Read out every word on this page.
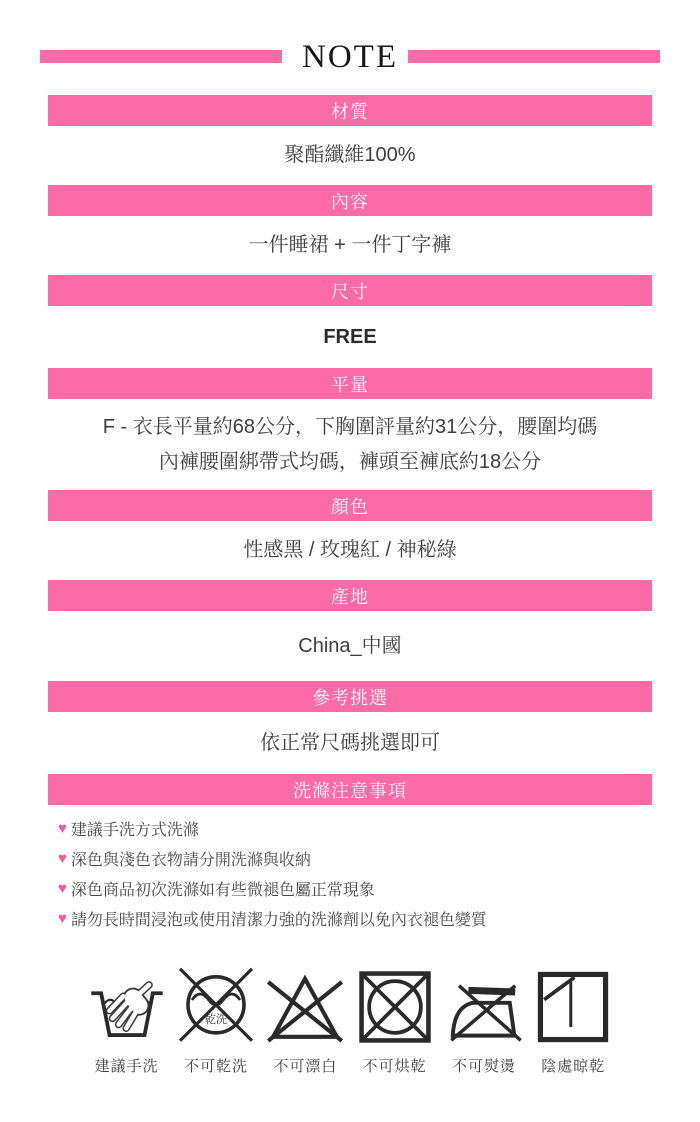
NOTE
材質
聚酯纖維100%
內容
一件睡裙 + 一件丁字褲
尺寸
FREE
平量
F - 衣長平量約68公分，下胸圍評量約31公分，腰圍均碼
內褲腰圍綁帶式均碼，褲頭至褲底約18公分
顏色
性感黑 / 玫瑰紅 / 神秘綠
產地
China_中國
參考挑選
依正常尺碼挑選即可
洗滌注意事項
♥ 建議手洗方式洗滌
♥ 深色與淺色衣物請分開洗滌與收納
♥ 深色商品初次洗滌如有些微褪色屬正常現象
♥ 請勿長時間浸泡或使用清潔力強的洗滌劑以免內衣褪色變質
建議手洗
乾洗
不可乾洗 不可漂白 不可烘乾 不可熨燙 陰處晾乾
